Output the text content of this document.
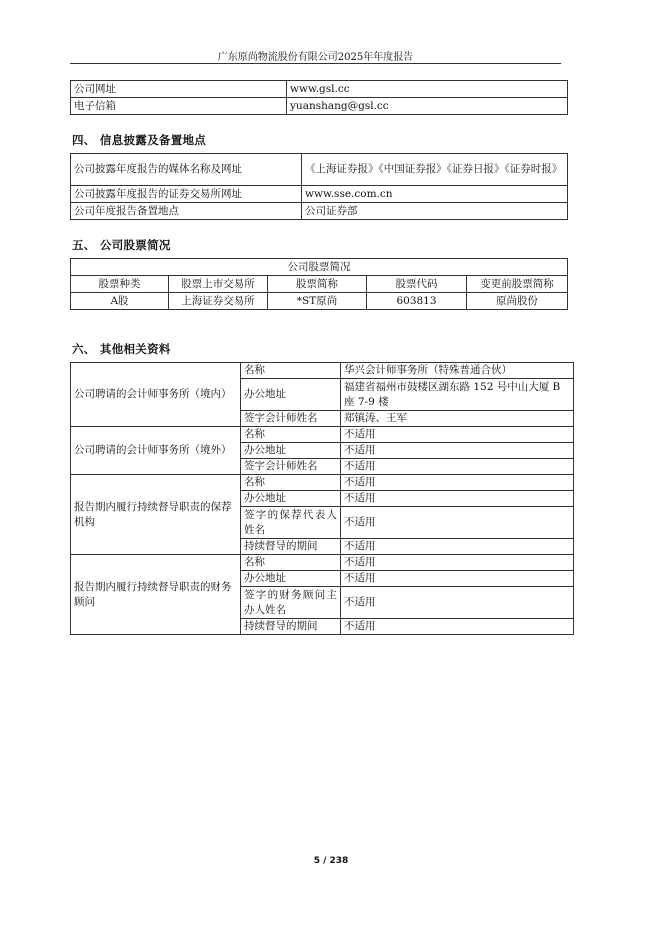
广东原尚物流股份有限公司2025年年度报告
公司网址	www.gsl.cc
电子信箱	yuanshang@gsl.cc
四、 信息披露及备置地点
公司披露年度报告的媒体名称及网址	《上海证券报》《中国证券报》《证券日报》《证券时报》
公司披露年度报告的证券交易所网址	www.sse.com.cn
公司年度报告备置地点	公司证券部
五、 公司股票简况
公司股票简况				
股票种类	股票上市交易所	股票简称	股票代码	变更前股票简称
A股	上海证券交易所	*ST原尚	603813	原尚股份
六、 其他相关资料
公司聘请的会计师事务所（境内）	名称	华兴会计师事务所（特殊普通合伙）
	办公地址	福建省福州市鼓楼区湖东路 152 号中山大厦 B 座 7-9 楼
	签字会计师姓名	郑镇涛、王军
公司聘请的会计师事务所（境外）	名称	不适用
	办公地址	不适用
	签字会计师姓名	不适用
报告期内履行持续督导职责的保荐机构	名称	不适用
	办公地址	不适用
	签字的保荐代表人姓名	不适用
	持续督导的期间	不适用
报告期内履行持续督导职责的财务顾问	名称	不适用
	办公地址	不适用
	签字的财务顾问主办人姓名	不适用
	持续督导的期间	不适用
5 / 238
